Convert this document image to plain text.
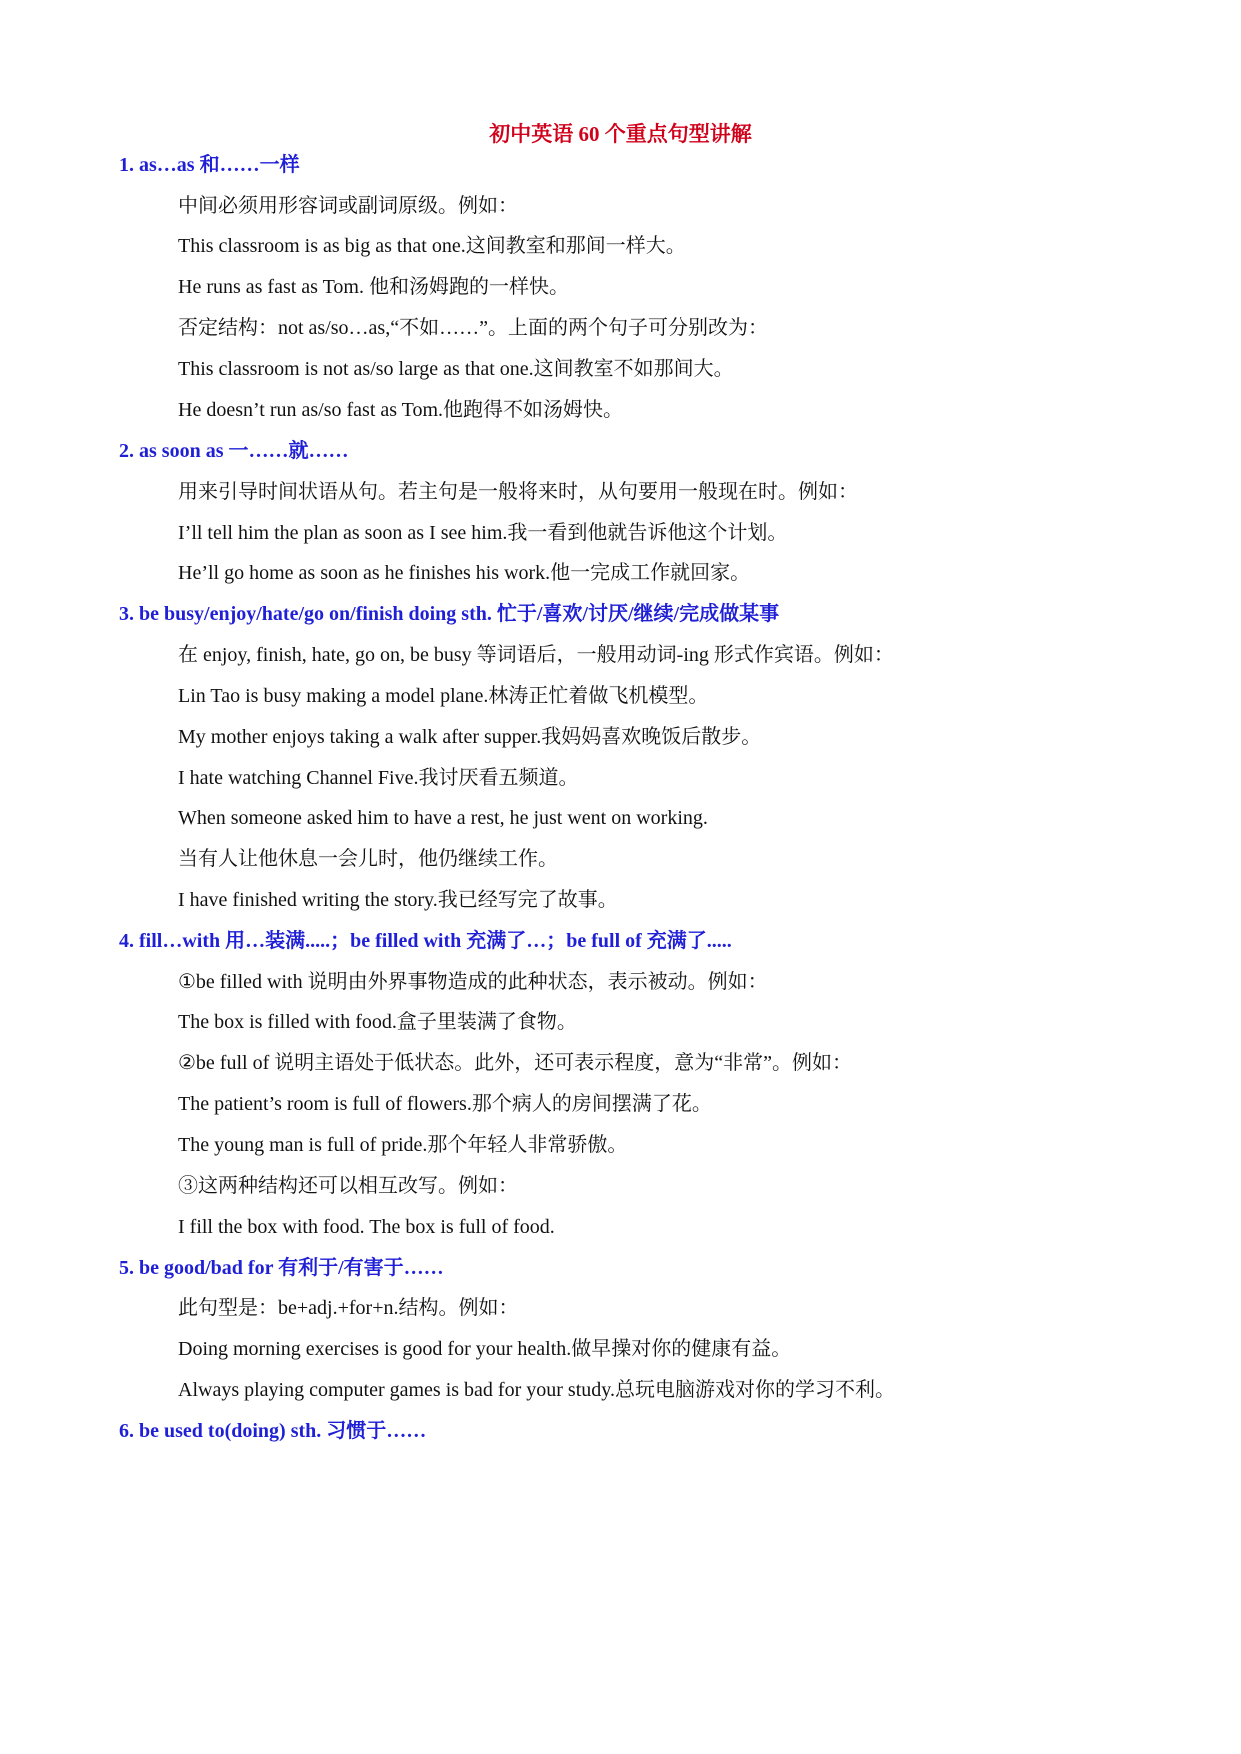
初中英语 60 个重点句型讲解
1. as…as 和……一样
中间必须用形容词或副词原级。例如：
This classroom is as big as that one.这间教室和那间一样大。
He runs as fast as Tom. 他和汤姆跑的一样快。
否定结构：not as/so…as,“不如……”。上面的两个句子可分别改为：
This classroom is not as/so large as that one.这间教室不如那间大。
He doesn’t run as/so fast as Tom.他跑得不如汤姆快。
2. as soon as 一……就……
用来引导时间状语从句。若主句是一般将来时，从句要用一般现在时。例如：
I’ll tell him the plan as soon as I see him.我一看到他就告诉他这个计划。
He’ll go home as soon as he finishes his work.他一完成工作就回家。
3. be busy/enjoy/hate/go on/finish doing sth. 忙于/喜欢/讨厌/继续/完成做某事
在 enjoy, finish, hate, go on, be busy 等词语后，一般用动词-ing 形式作宾语。例如：
Lin Tao is busy making a model plane.林涛正忙着做飞机模型。
My mother enjoys taking a walk after supper.我妈妈喜欢晚饭后散步。
I hate watching Channel Five.我讨厌看五频道。
When someone asked him to have a rest, he just went on working.
当有人让他休息一会儿时，他仍继续工作。
I have finished writing the story.我已经写完了故事。
4. fill…with 用…装满.....；be filled with 充满了…；be full of 充满了.....
①be filled with 说明由外界事物造成的此种状态，表示被动。例如：
The box is filled with food.盒子里装满了食物。
②be full of 说明主语处于低状态。此外，还可表示程度，意为“非常”。例如：
The patient’s room is full of flowers.那个病人的房间摆满了花。
The young man is full of pride.那个年轻人非常骄傲。
③这两种结构还可以相互改写。例如：
I fill the box with food. The box is full of food.
5. be good/bad for 有利于/有害于……
此句型是：be+adj.+for+n.结构。例如：
Doing morning exercises is good for your health.做早操对你的健康有益。
Always playing computer games is bad for your study.总玩电脑游戏对你的学习不利。
6. be used to(doing) sth. 习惯于……
